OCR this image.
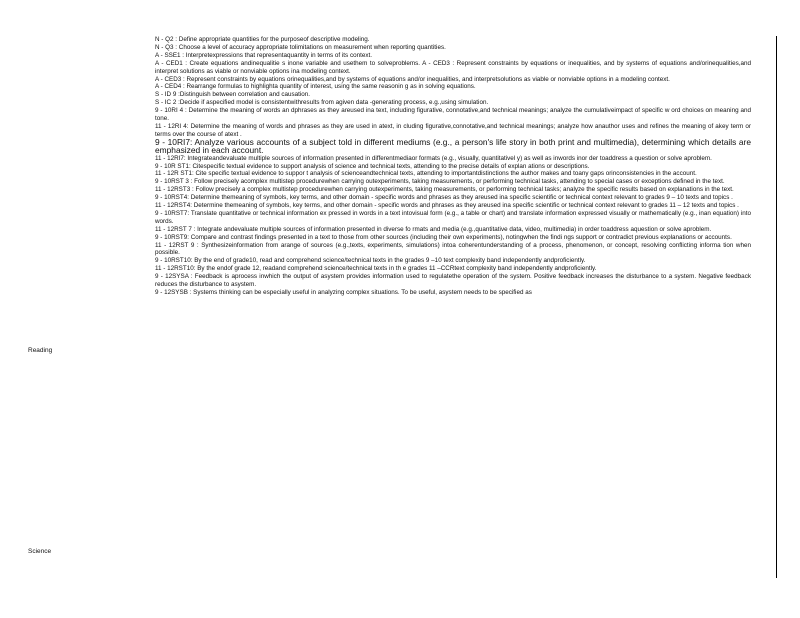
Reading
Science

N - Q2 : Define appropriate quantities for the purposeof descriptive modeling.

N - Q3 : Choose a level of accuracy appropriate tolimitations on measurement when reporting quantities.

A - SSE1 : Interpretexpressions that representaquantity in terms of its context.

A - CED1 : Create equations andinequalitie s inone variable and usethem to solveproblems. A - CED3 : Represent constraints by equations or inequalities, and by systems of equations and/orinequalities,and interpret solutions as viable or nonviable options ina modeling context.

A - CED3 : Represent constraints by equations orinequalities,and by systems of equations and/or inequalities, and interpretsolutions as viable or nonviable options in a modeling context.

A - CED4 : Rearrange formulas to highlighta quantity of interest, using the same reasonin g as in solving equations.

S - ID 9 :Distinguish between correlation and causation.

S - IC 2 :Decide if aspecified model is consistentwithresults from agiven data -generating process, e.g.,using simulation.

9 - 10RI 4 : Determine the meaning of words an dphrases as they areused ina text, including figurative, connotative,and technical meanings; analyze the cumulativeimpact of specific w ord choices on meaning and tone.

11 - 12RI 4: Determine the meaning of words and phrases as they are used in atext, in cluding figurative,connotative,and technical meanings; analyze how anauthor uses and refines the meaning of akey term or terms over the course of atext .

9 - 10RI7: Analyze various accounts of a subject told in different mediums (e.g., a person's life story in both print and multimedia), determining which details are emphasized in each account.

11 - 12RI7: Integrateandevaluate multiple sources of information presented in differentmediaor formats (e.g., visually, quantitativel y) as well as inwords inor der toaddress a question or solve aproblem.

9 - 10R ST1: Citespecific textual evidence to support analysis of science and technical texts, attending to the precise details of explan ations or descriptions.

11 - 12R ST1: Cite specific textual evidence to suppor t analysis of scienceandtechnical texts, attending to importantdistinctions the author makes and toany gaps orinconsistencies in the account.

9 - 10RST 3 : Follow precisely acomplex multistep procedurewhen carrying outexperiments, taking measurements, or performing technical tasks, attending to special cases or exceptions defined in the text.

11 - 12RST3 : Follow precisely a complex multistep procedurewhen carrying outexperiments, taking measurements, or performing technical tasks; analyze the specific results based on explanations in the text.

9 - 10RST4: Determine themeaning of symbols, key terms, and other domain - specific words and phrases as they areused ina specific scientific or technical context relevant to grades 9 – 10 texts and topics .

11 - 12RST4: Determine themeaning of symbols, key terms, and other domain - specific words and phrases as they areused ina specific scientific or technical context relevant to grades 11 – 12 texts and topics .

9 - 10RST7: Translate quantitative or technical information ex pressed in words in a text intovisual form (e.g., a table or chart) and translate information expressed visually or mathematically (e.g., inan equation) into words.

11 - 12RST 7 : Integrate andevaluate multiple sources of information presented in diverse fo rmats and media (e.g.,quantitative data, video, multimedia) in order toaddress aquestion or solve aproblem.

9 - 10RST9: Compare and contrast findings presented in a text to those from other sources (including their own experiments), notingwhen the findi ngs support or contradict previous explanations or accounts.

11 - 12RST 9 : Synthesizeinformation from arange of sources (e.g.,texts, experiments, simulations) intoa coherentunderstanding of a process, phenomenon, or concept, resolving conflicting informa tion when possible.

9 - 10RST10: By the end of grade10, read and comprehend science/technical texts in the grades 9 –10 text complexity band independently andproficiently.

11 - 12RST10: By the endof grade 12, readand comprehend science/technical texts in th e grades 11 –CCRtext complexity band independently andproficiently.

9 - 12SYSA : Feedback is aprocess inwhich the output of asystem provides information used to regulatethe operation of the system. Positive feedback increases the disturbance to a system. Negative feedback reduces the disturbance to asystem.

9 - 12SYSB : Systems thinking can be especially useful in analyzing complex situations. To be useful, asystem needs to be specified as
